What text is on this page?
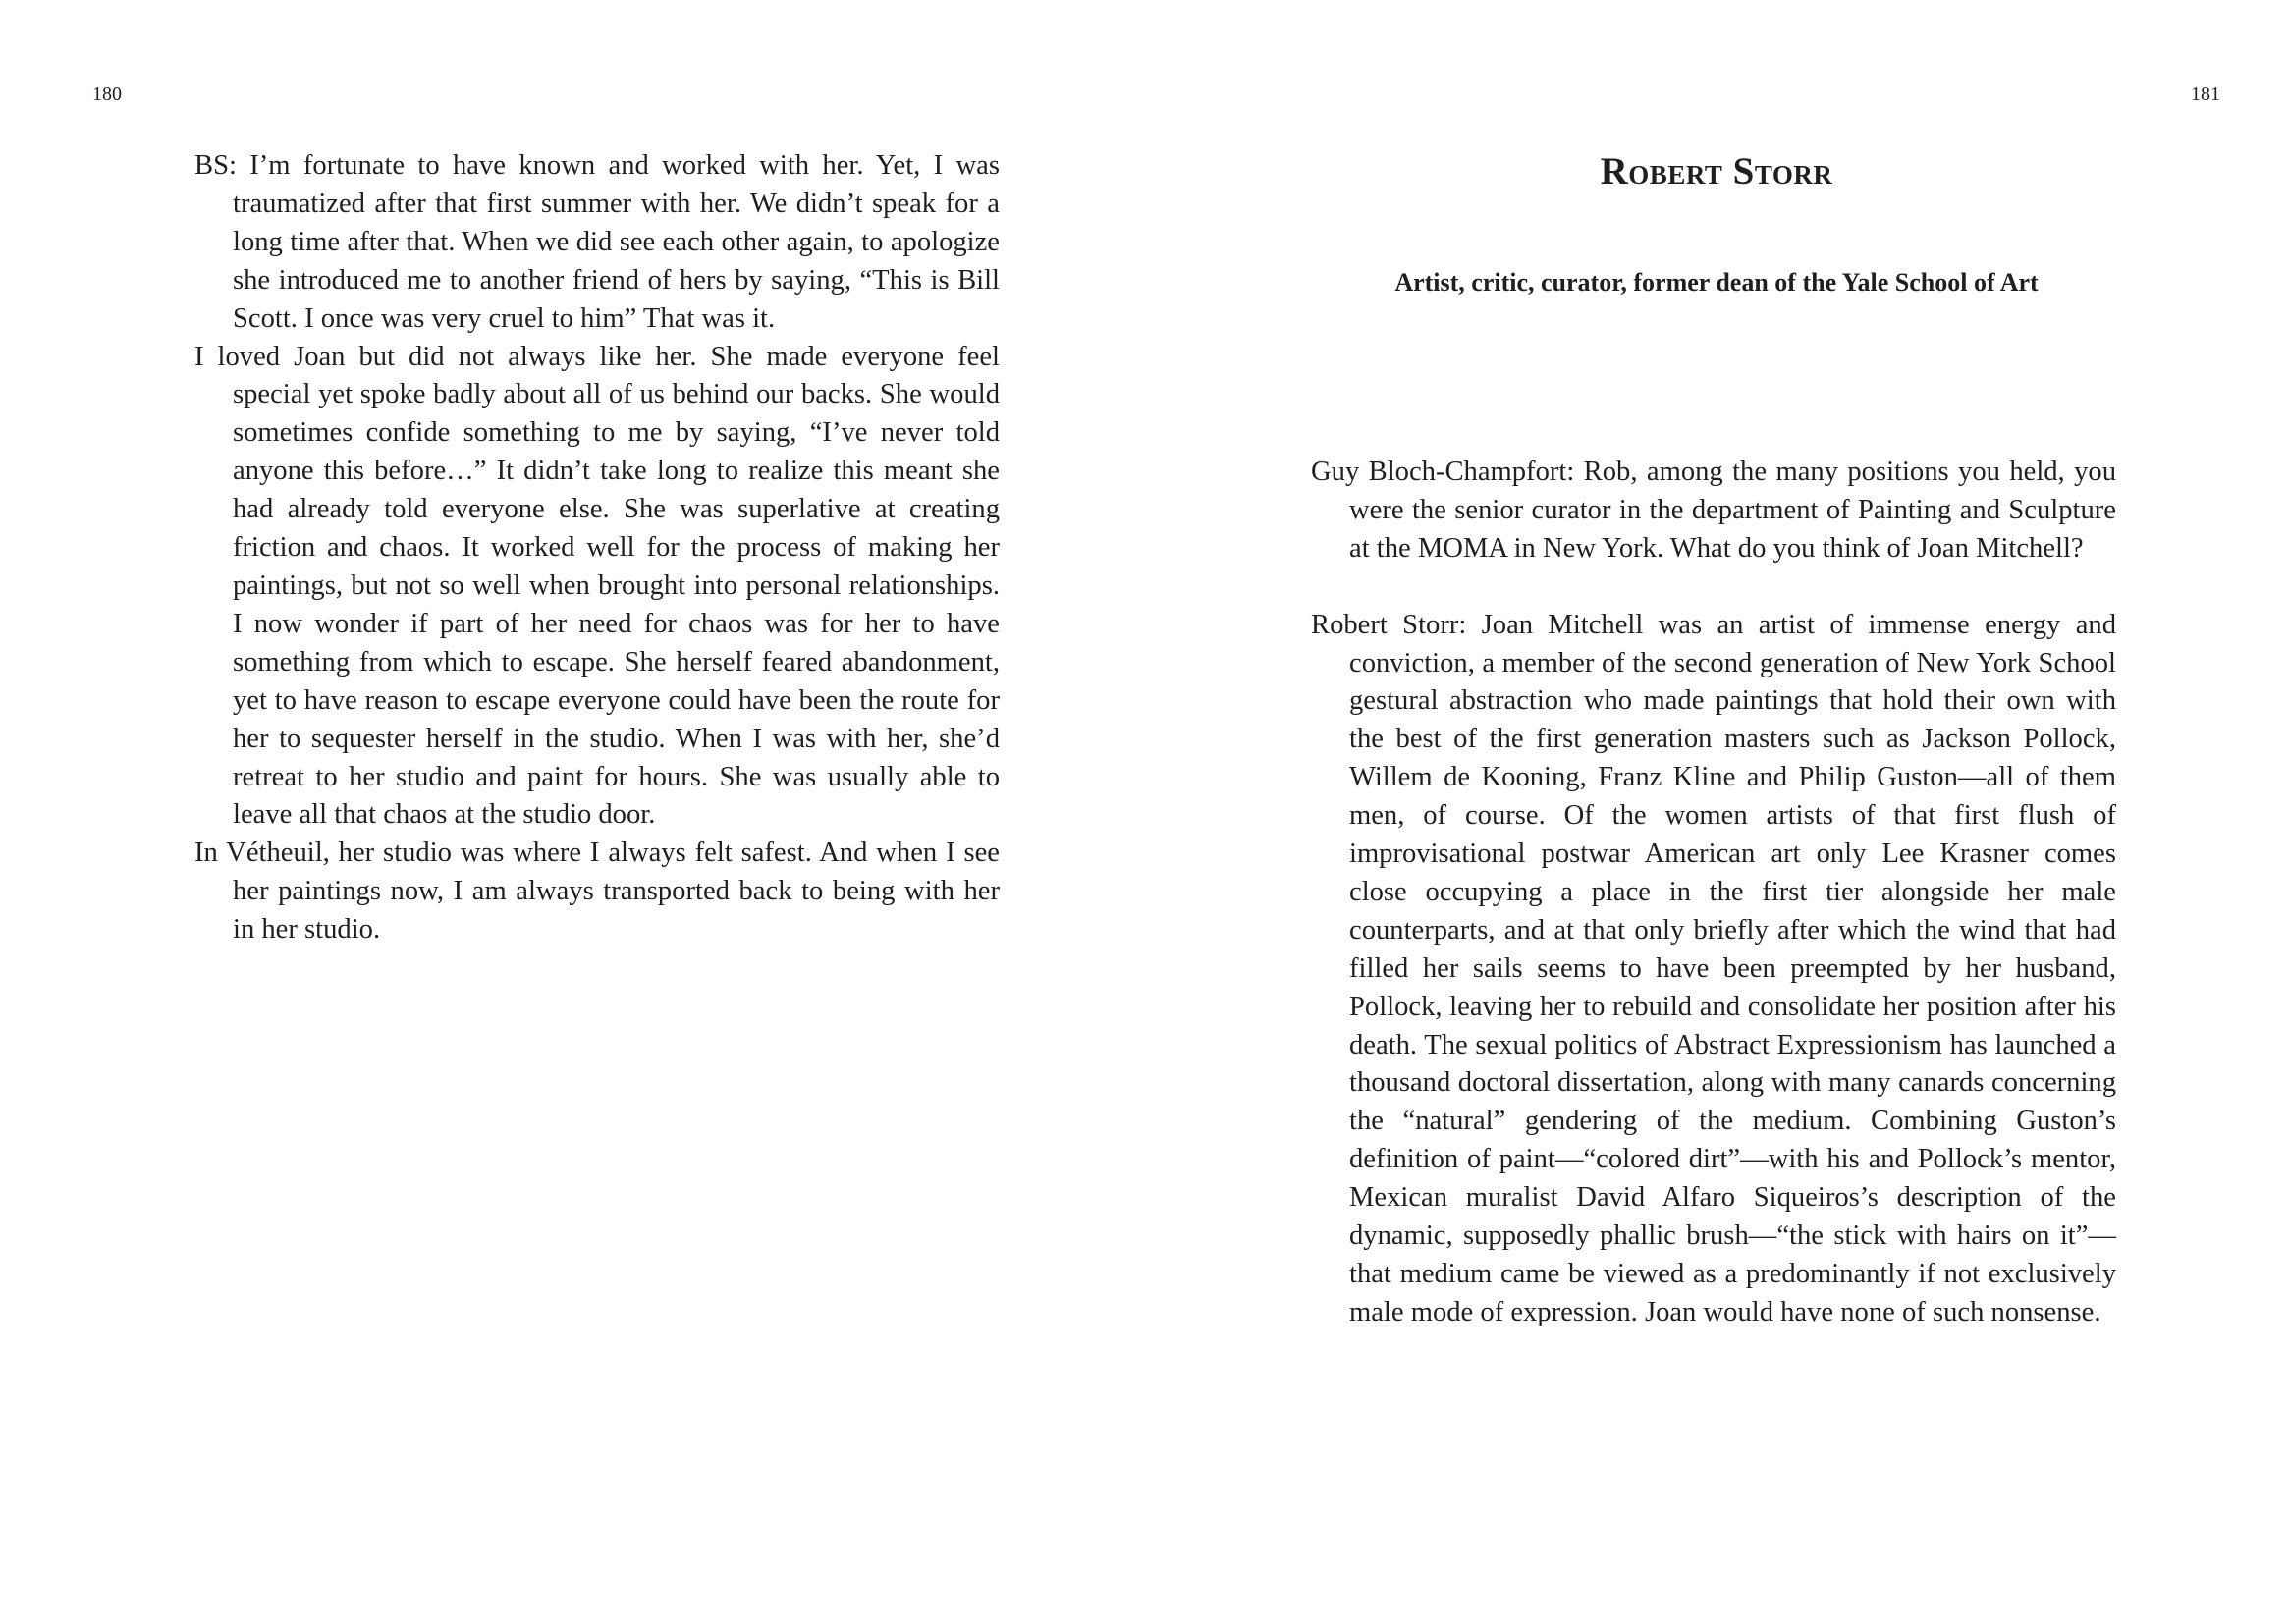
180

BS: I’m fortunate to have known and worked with her. Yet, I was traumatized after that first summer with her. We didn’t speak for a long time after that. When we did see each other again, to apologize she introduced me to another friend of hers by saying, “This is Bill Scott. I once was very cruel to him” That was it.

I loved Joan but did not always like her. She made everyone feel special yet spoke badly about all of us behind our backs. She would sometimes confide something to me by saying, “I’ve never told anyone this before…” It didn’t take long to realize this meant she had already told everyone else. She was superlative at creating friction and chaos. It worked well for the process of making her paintings, but not so well when brought into personal relationships. I now wonder if part of her need for chaos was for her to have something from which to escape. She herself feared abandonment, yet to have reason to escape everyone could have been the route for her to sequester herself in the studio. When I was with her, she’d retreat to her studio and paint for hours. She was usually able to leave all that chaos at the studio door.

In Vétheuil, her studio was where I always felt safest. And when I see her paintings now, I am always transported back to being with her in her studio.

181
Robert Storr
Artist, critic, curator, former dean of the Yale School of Art

Guy Bloch-Champfort: Rob, among the many positions you held, you were the senior curator in the department of Painting and Sculpture at the MOMA in New York. What do you think of Joan Mitchell?

Robert Storr: Joan Mitchell was an artist of immense energy and conviction, a member of the second generation of New York School gestural abstraction who made paintings that hold their own with the best of the first generation masters such as Jackson Pollock, Willem de Kooning, Franz Kline and Philip Guston—all of them men, of course. Of the women artists of that first flush of improvisational postwar American art only Lee Krasner comes close occupying a place in the first tier alongside her male counterparts, and at that only briefly after which the wind that had filled her sails seems to have been preempted by her husband, Pollock, leaving her to rebuild and consolidate her position after his death. The sexual politics of Abstract Expressionism has launched a thousand doctoral dissertation, along with many canards concerning the “natural” gendering of the medium. Combining Guston’s definition of paint—“colored dirt”—with his and Pollock’s mentor, Mexican muralist David Alfaro Siqueiros’s description of the dynamic, supposedly phallic brush—“the stick with hairs on it”—that medium came be viewed as a predominantly if not exclusively male mode of expression. Joan would have none of such nonsense.
